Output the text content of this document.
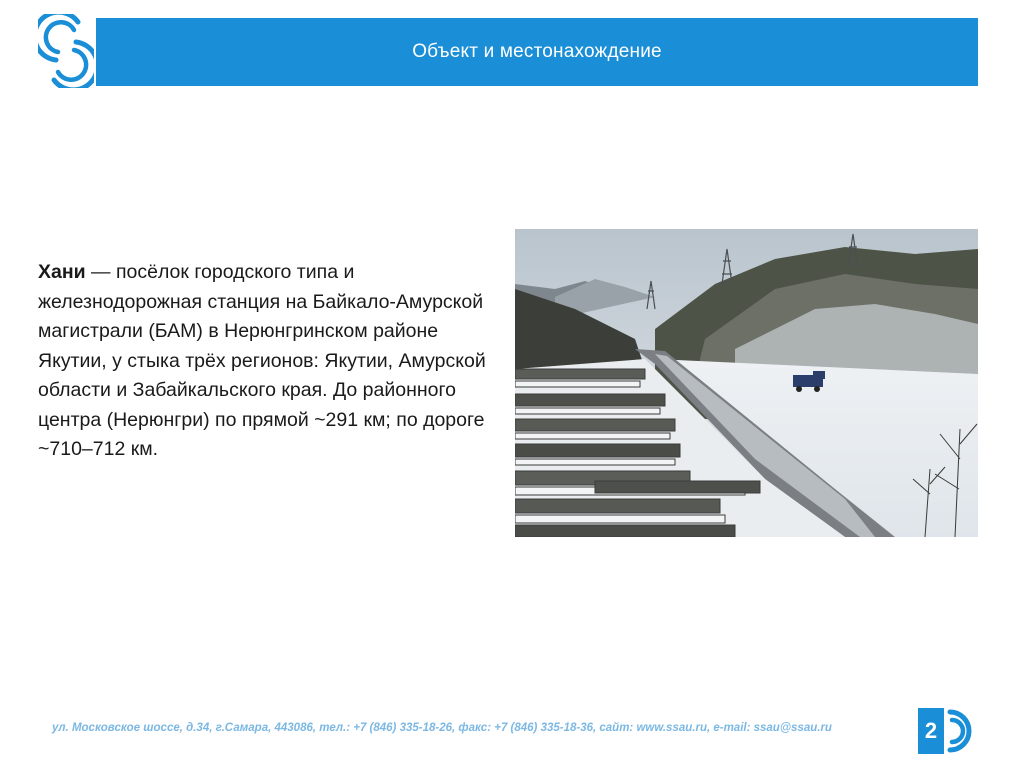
Объект и местонахождение
Хани — посёлок городского типа и железнодорожная станция на Байкало-Амурской магистрали (БАМ) в Нерюнгринском районе Якутии, у стыка трёх регионов: Якутии, Амурской области и Забайкальского края. До районного центра (Нерюнгри) по прямой ~291 км; по дороге ~710–712 км.
ул. Московское шоссе, д.34, г.Самара, 443086, тел.: +7 (846) 335-18-26, факс: +7 (846) 335-18-36, сайт: www.ssau.ru, e-mail: ssau@ssau.ru	2
